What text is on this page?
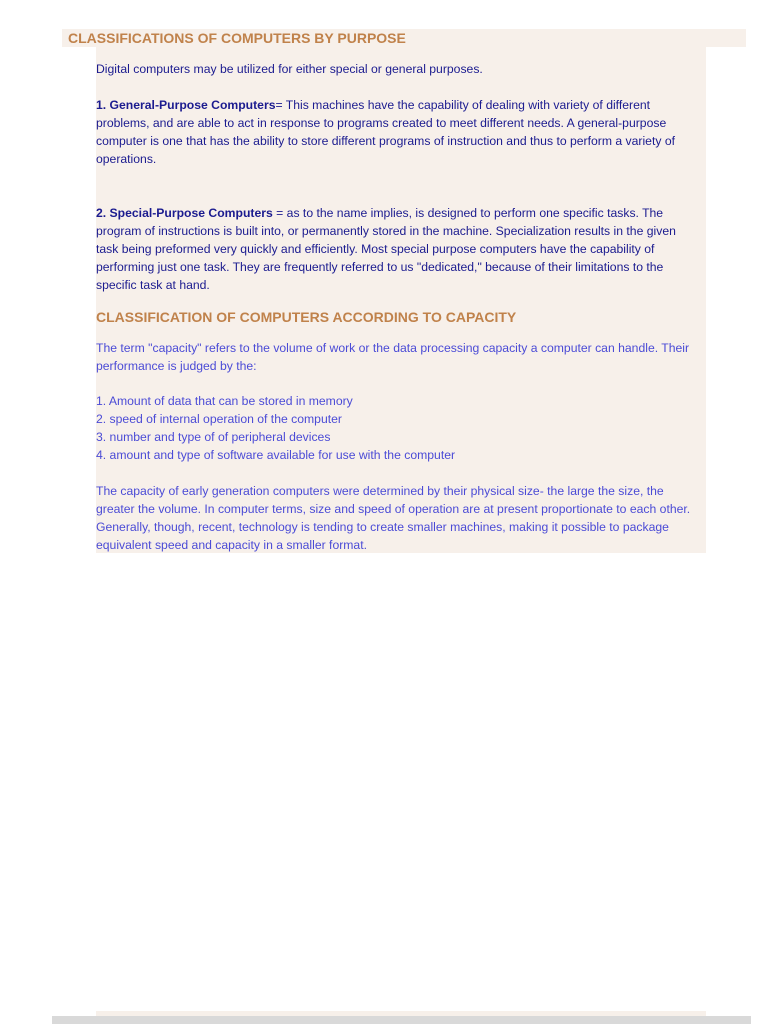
CLASSIFICATIONS OF COMPUTERS BY PURPOSE

Digital computers may be utilized for either special or general purposes.

1. General-Purpose Computers= This machines have the capability of dealing with variety of different problems, and are able to act in response to programs created to meet different needs. A general-purpose computer is one that has the ability to store different programs of instruction and thus to perform a variety of operations.

2. Special-Purpose Computers = as to the name implies, is designed to perform one specific tasks. The program of instructions is built into, or permanently stored in the machine. Specialization results in the given task being preformed very quickly and efficiently. Most special purpose computers have the capability of performing just one task. They are frequently referred to us "dedicated," because of their limitations to the specific task at hand.

CLASSIFICATION OF COMPUTERS ACCORDING TO CAPACITY

The term "capacity" refers to the volume of work or the data processing capacity a computer can handle. Their performance is judged by the:

1. Amount of data that can be stored in memory

2. speed of internal operation of the computer

3. number and type of of peripheral devices

4. amount and type of software available for use with the computer

The capacity of early generation computers were determined by their physical size- the large the size, the greater the volume. In computer terms, size and speed of operation are at present proportionate to each other. Generally, though, recent, technology is tending to create smaller machines, making it possible to package equivalent speed and capacity in a smaller format.
